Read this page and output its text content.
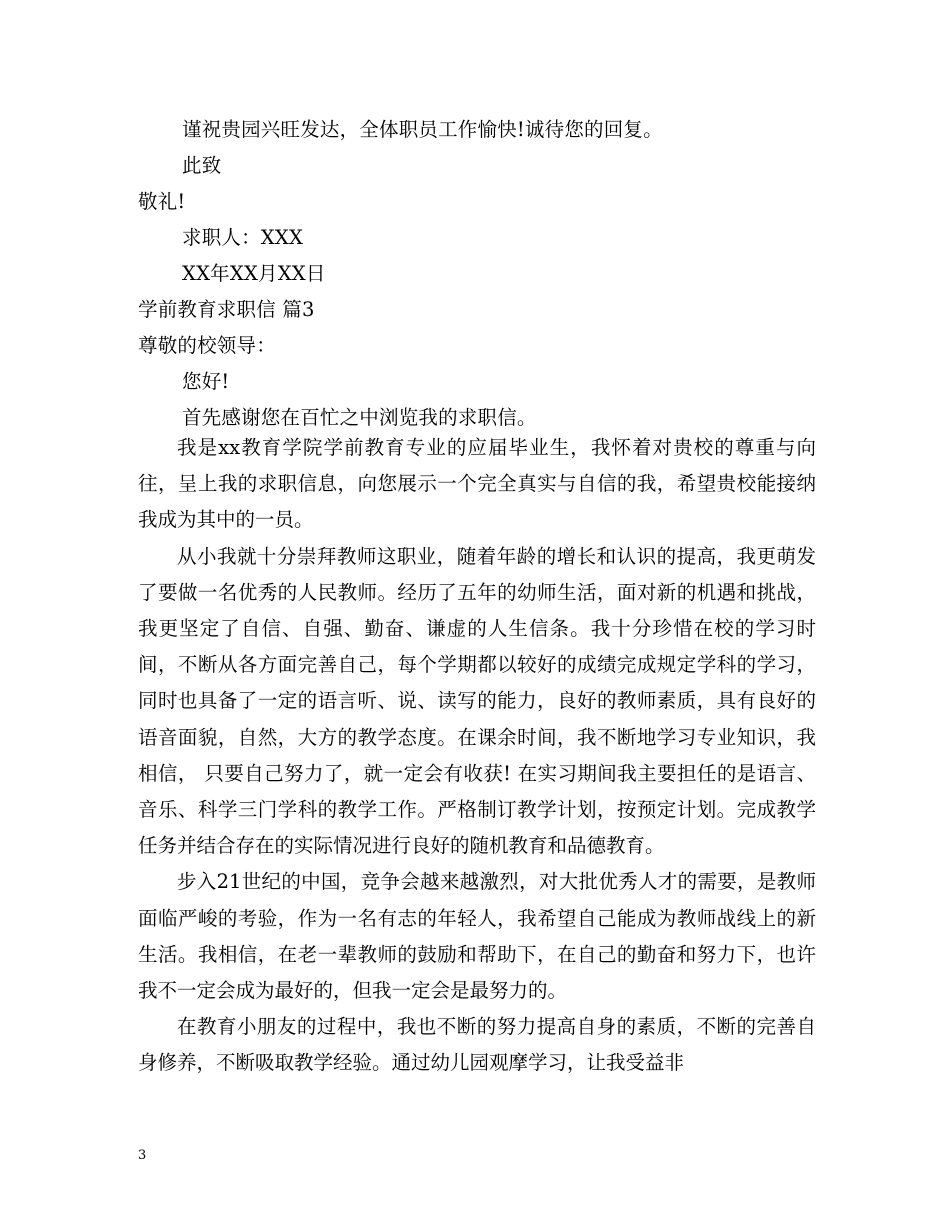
谨祝贵园兴旺发达，全体职员工作愉快!诚待您的回复。
此致
敬礼!
求职人：XXX
XX年XX月XX日
学前教育求职信 篇3
尊敬的校领导：
您好!
首先感谢您在百忙之中浏览我的求职信。

我是xx教育学院学前教育专业的应届毕业生，我怀着对贵校的尊重与向往，呈上我的求职信息，向您展示一个完全真实与自信的我，希望贵校能接纳我成为其中的一员。

从小我就十分崇拜教师这职业，随着年龄的增长和认识的提高，我更萌发了要做一名优秀的人民教师。经历了五年的幼师生活，面对新的机遇和挑战，我更坚定了自信、自强、勤奋、谦虚的人生信条。我十分珍惜在校的学习时间，不断从各方面完善自己，每个学期都以较好的成绩完成规定学科的学习，同时也具备了一定的语言听、说、读写的能力，良好的教师素质，具有良好的语音面貌，自然，大方的教学态度。在课余时间，我不断地学习专业知识，我相信， 只要自己努力了，就一定会有收获! 在实习期间我主要担任的是语言、音乐、科学三门学科的教学工作。严格制订教学计划，按预定计划。完成教学任务并结合存在的实际情况进行良好的随机教育和品德教育。

步入21世纪的中国，竞争会越来越激烈，对大批优秀人才的需要，是教师面临严峻的考验，作为一名有志的年轻人，我希望自己能成为教师战线上的新生活。我相信，在老一辈教师的鼓励和帮助下，在自己的勤奋和努力下，也许我不一定会成为最好的，但我一定会是最努力的。

在教育小朋友的过程中，我也不断的努力提高自身的素质，不断的完善自身修养，不断吸取教学经验。通过幼儿园观摩学习，让我受益非

3
